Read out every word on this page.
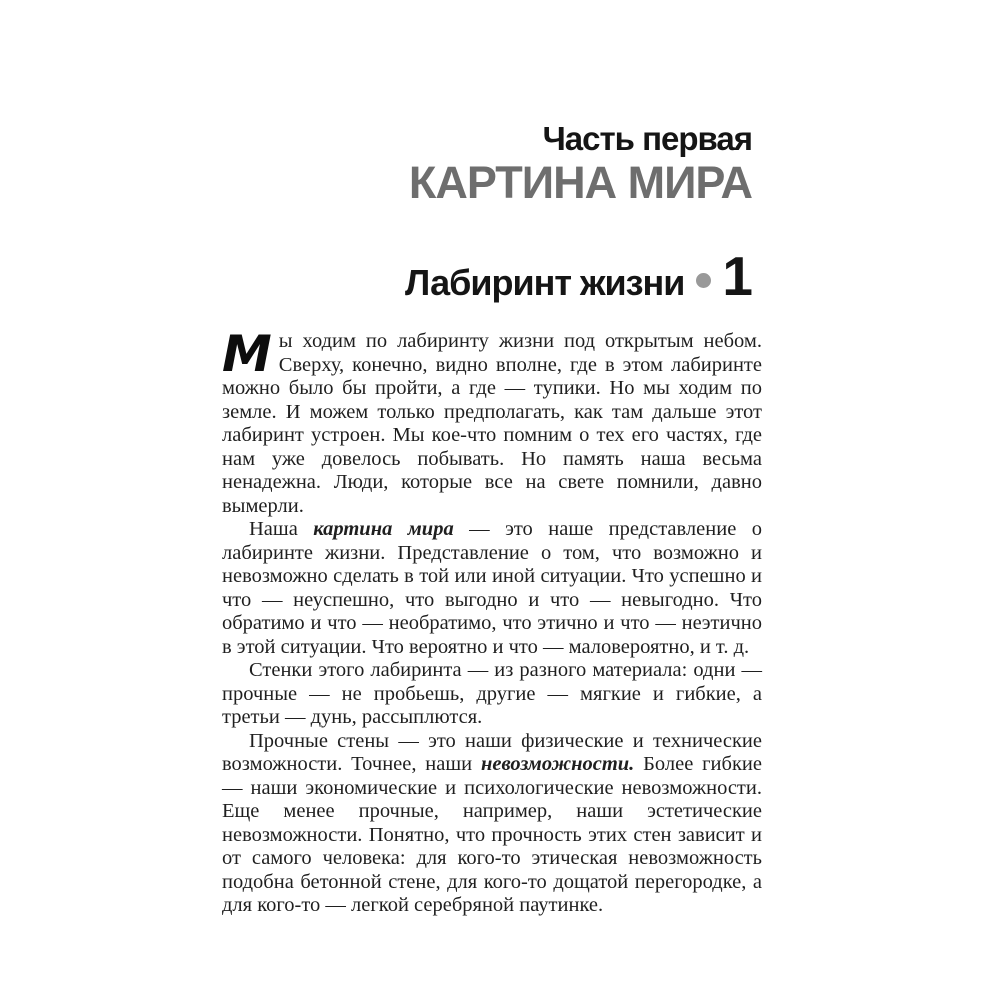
Часть первая
КАРТИНА МИРА
Лабиринт жизни 1

Мы ходим по лабиринту жизни под открытым небом. Сверху, конечно, видно вполне, где в этом лабиринте можно было бы пройти, а где — тупики. Но мы ходим по земле. И можем только предполагать, как там дальше этот лабиринт устроен. Мы кое-что помним о тех его частях, где нам уже довелось побывать. Но память наша весьма ненадежна. Люди, которые все на свете помнили, давно вымерли.

Наша картина мира — это наше представление о лабиринте жизни. Представление о том, что возможно и невозможно сделать в той или иной ситуации. Что успешно и что — неуспешно, что выгодно и что — невыгодно. Что обратимо и что — необратимо, что этично и что — неэтично в этой ситуации. Что вероятно и что — маловероятно, и т. д.

Стенки этого лабиринта — из разного материала: одни — прочные — не пробьешь, другие — мягкие и гибкие, а третьи — дунь, рассыплются.

Прочные стены — это наши физические и технические возможности. Точнее, наши невозможности. Более гибкие — наши экономические и психологические невозможности. Еще менее прочные, например, наши эстетические невозможности. Понятно, что прочность этих стен зависит и от самого человека: для кого-то этическая невозможность подобна бетонной стене, для кого-то дощатой перегородке, а для кого-то — легкой серебряной паутинке.
